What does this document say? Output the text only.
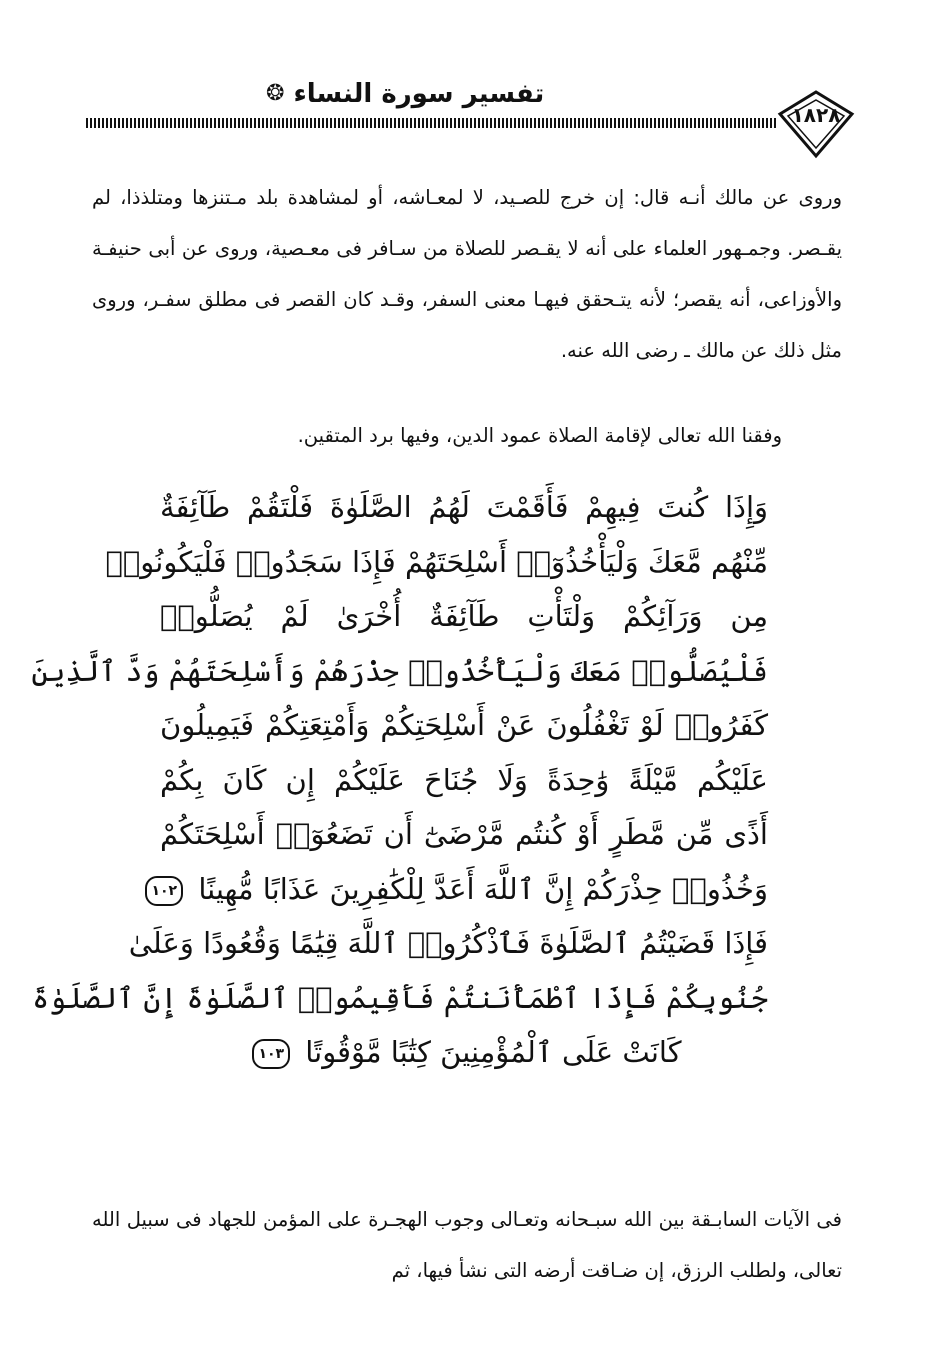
تفسير سورة النساء ❂
١٨٢٨

وروى عن مالك أنـه قال: إن خرج للصـيد، لا لمعـاشه، أو لمشاهدة بلد مـتنزها ومتلذذا، لم يقـصر. وجمـهور العلماء على أنه لا يقـصر للصلاة من سـافر فى معـصية، وروى عن أبى حنيفـة والأوزاعى، أنه يقصر؛ لأنه يتـحقق فيهـا معنى السفر، وقـد كان القصر فى مطلق سفـر، وروى مثل ذلك عن مالك ـ رضى الله عنه.

وفقنا الله تعالى لإقامة الصلاة عمود الدين، وفيها برد المتقين.

وَإِذَا كُنتَ فِيهِمْ فَأَقَمْتَ لَهُمُ الصَّلَوٰةَ فَلْتَقُمْ طَآئِفَةٌ
مِّنْهُم مَّعَكَ وَلْيَأْخُذُوٓا۟ أَسْلِحَتَهُمْ فَإِذَا سَجَدُوا۟ فَلْيَكُونُوا۟
مِن وَرَآئِكُمْ وَلْتَأْتِ طَآئِفَةٌ أُخْرَىٰ لَمْ يُصَلُّوا۟
فَلْيُصَلُّوا۟ مَعَكَ وَلْيَأْخُذُوا۟ حِذْرَهُمْ وَأَسْلِحَتَهُمْ وَدَّ ٱلَّذِينَ
كَفَرُوا۟ لَوْ تَغْفُلُونَ عَنْ أَسْلِحَتِكُمْ وَأَمْتِعَتِكُمْ فَيَمِيلُونَ
عَلَيْكُم مَّيْلَةً وَٰحِدَةً وَلَا جُنَاحَ عَلَيْكُمْ إِن كَانَ بِكُمْ
أَذًى مِّن مَّطَرٍ أَوْ كُنتُم مَّرْضَىٰٓ أَن تَضَعُوٓا۟ أَسْلِحَتَكُمْ
وَخُذُوا۟ حِذْرَكُمْ إِنَّ ٱللَّهَ أَعَدَّ لِلْكَٰفِرِينَ عَذَابًا مُّهِينًا ١٠٢
فَإِذَا قَضَيْتُمُ ٱلصَّلَوٰةَ فَٱذْكُرُوا۟ ٱللَّهَ قِيَٰمًا وَقُعُودًا وَعَلَىٰ
جُنُوبِكُمْ فَإِذَا ٱطْمَأْنَنتُمْ فَأَقِيمُوا۟ ٱلصَّلَوٰةَ إِنَّ ٱلصَّلَوٰةَ
كَانَتْ عَلَى ٱلْمُؤْمِنِينَ كِتَٰبًا مَّوْقُوتًا ١٠٣

فى الآيات السابـقة بين الله سبـحانه وتعـالى وجوب الهجـرة على المؤمن للجهاد فى سبيل الله تعالى، ولطلب الرزق، إن ضـاقت أرضه التى نشأ فيها، ثم
